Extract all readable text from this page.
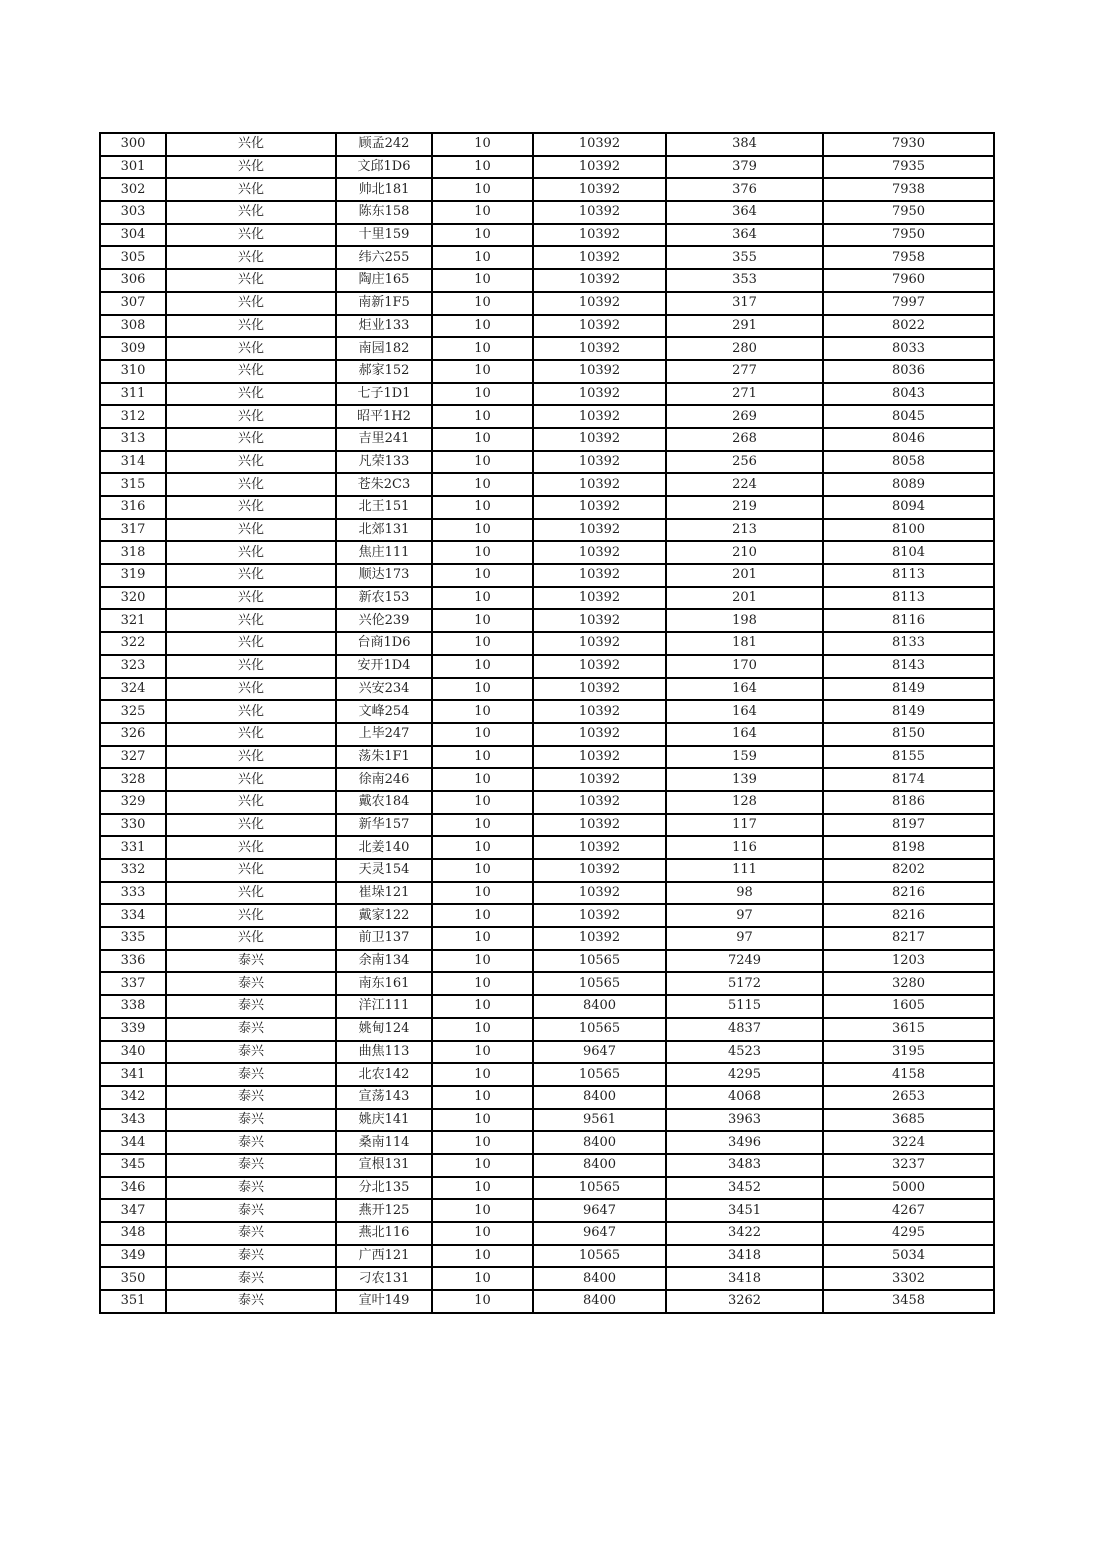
300	兴化	顾孟242	10	10392	384	7930
301	兴化	文邱1D6	10	10392	379	7935
302	兴化	帅北181	10	10392	376	7938
303	兴化	陈东158	10	10392	364	7950
304	兴化	十里159	10	10392	364	7950
305	兴化	纬六255	10	10392	355	7958
306	兴化	陶庄165	10	10392	353	7960
307	兴化	南新1F5	10	10392	317	7997
308	兴化	炬业133	10	10392	291	8022
309	兴化	南园182	10	10392	280	8033
310	兴化	郝家152	10	10392	277	8036
311	兴化	七子1D1	10	10392	271	8043
312	兴化	昭平1H2	10	10392	269	8045
313	兴化	吉里241	10	10392	268	8046
314	兴化	凡荣133	10	10392	256	8058
315	兴化	苍朱2C3	10	10392	224	8089
316	兴化	北王151	10	10392	219	8094
317	兴化	北郊131	10	10392	213	8100
318	兴化	焦庄111	10	10392	210	8104
319	兴化	顺达173	10	10392	201	8113
320	兴化	新农153	10	10392	201	8113
321	兴化	兴伦239	10	10392	198	8116
322	兴化	台商1D6	10	10392	181	8133
323	兴化	安开1D4	10	10392	170	8143
324	兴化	兴安234	10	10392	164	8149
325	兴化	文峰254	10	10392	164	8149
326	兴化	上毕247	10	10392	164	8150
327	兴化	荡朱1F1	10	10392	159	8155
328	兴化	徐南246	10	10392	139	8174
329	兴化	戴农184	10	10392	128	8186
330	兴化	新华157	10	10392	117	8197
331	兴化	北姜140	10	10392	116	8198
332	兴化	天灵154	10	10392	111	8202
333	兴化	崔垛121	10	10392	98	8216
334	兴化	戴家122	10	10392	97	8216
335	兴化	前卫137	10	10392	97	8217
336	泰兴	余南134	10	10565	7249	1203
337	泰兴	南东161	10	10565	5172	3280
338	泰兴	洋江111	10	8400	5115	1605
339	泰兴	姚甸124	10	10565	4837	3615
340	泰兴	曲焦113	10	9647	4523	3195
341	泰兴	北农142	10	10565	4295	4158
342	泰兴	宣荡143	10	8400	4068	2653
343	泰兴	姚庆141	10	9561	3963	3685
344	泰兴	桑南114	10	8400	3496	3224
345	泰兴	宣根131	10	8400	3483	3237
346	泰兴	分北135	10	10565	3452	5000
347	泰兴	燕开125	10	9647	3451	4267
348	泰兴	燕北116	10	9647	3422	4295
349	泰兴	广西121	10	10565	3418	5034
350	泰兴	刁农131	10	8400	3418	3302
351	泰兴	宣叶149	10	8400	3262	3458
